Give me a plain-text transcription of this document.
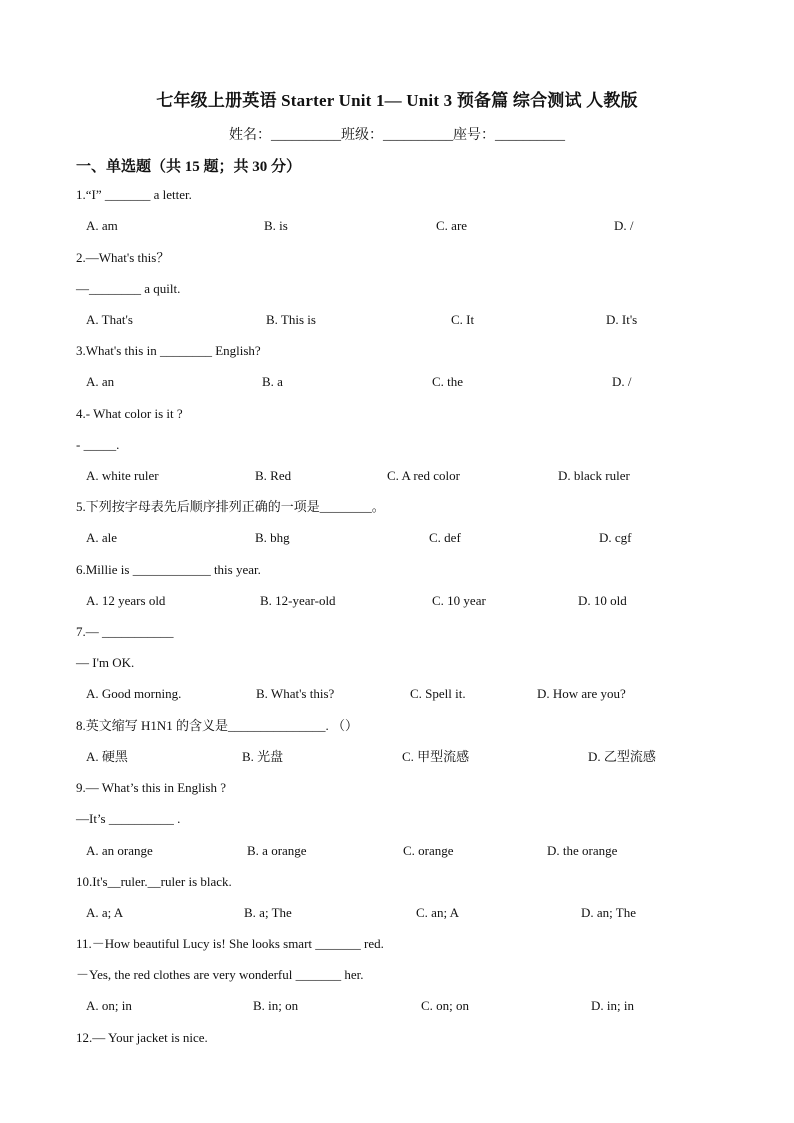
七年级上册英语 Starter Unit 1— Unit 3 预备篇 综合测试 人教版
姓名：__________班级：__________座号：__________
一、单选题（共 15 题；共 30 分）
1.“I” _______ a letter.
A. am	B. is	C. are	D. /
2.—What's this？
—________ a quilt.
A. That's	B. This is	C. It	D. It's
3.What's this in ________ English?
A. an	B. a	C. the	D. /
4.- What color is it ?
- _____.
A. white ruler	B. Red	C. A red color	D. black ruler
5.下列按字母表先后顺序排列正确的一项是________。
A. ale	B. bhg	C. def	D. cgf
6.Millie is ____________ this year.
A. 12 years old	B. 12-year-old	C. 10 year	D. 10 old
7.— ___________
— I'm OK.
A. Good morning.	B. What's this?	C. Spell it.	D. How are you?
8.英文缩写 H1N1 的含义是_______________. （）
A. 硬黑	B. 光盘	C. 甲型流感	D. 乙型流感
9.— What’s this in English ?
—It’s __________ .
A. an orange	B. a orange	C. orange	D. the orange
10.It's__ruler.__ruler is black.
A. a; A	B. a; The	C. an; A	D. an; The
11.－How beautiful Lucy is! She looks smart _______ red.
－Yes, the red clothes are very wonderful _______ her.
A. on; in	B. in; on	C. on; on	D. in; in
12.— Your jacket is nice.
